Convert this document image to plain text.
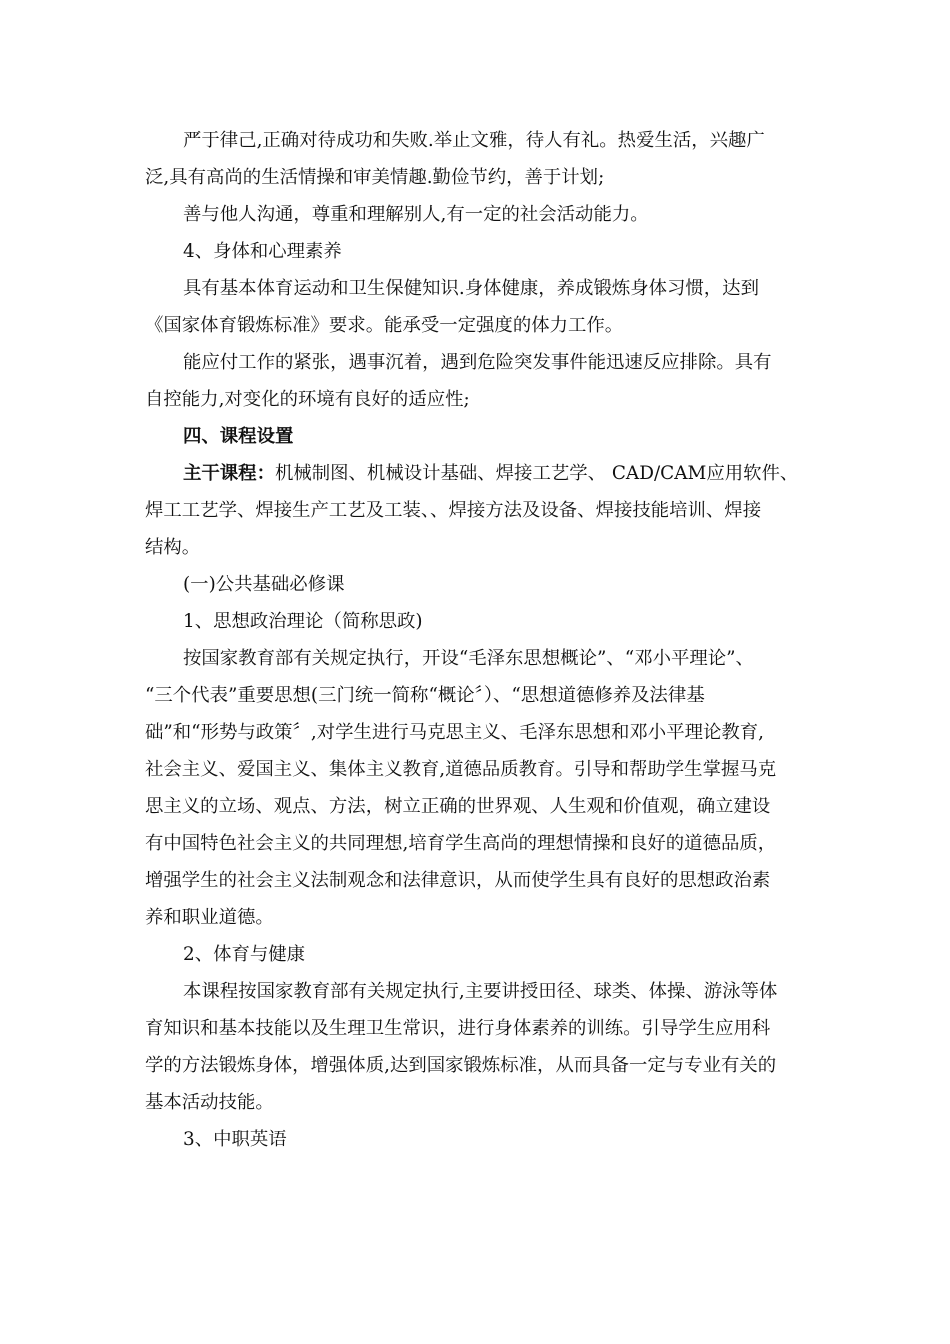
严于律己,正确对待成功和失败.举止文雅，待人有礼。热爱生活，兴趣广
泛,具有高尚的生活情操和审美情趣.勤俭节约，善于计划;
善与他人沟通，尊重和理解别人,有一定的社会活动能力。
4、身体和心理素养
具有基本体育运动和卫生保健知识.身体健康，养成锻炼身体习惯，达到
《国家体育锻炼标准》要求。能承受一定强度的体力工作。
能应付工作的紧张，遇事沉着，遇到危险突发事件能迅速反应排除。具有
自控能力,对变化的环境有良好的适应性;
四、课程设置
主干课程：机械制图、机械设计基础、焊接工艺学、 CAD/CAM应用软件、
焊工工艺学、焊接生产工艺及工装、、焊接方法及设备、焊接技能培训、焊接
结构。
(一)公共基础必修课
1、思想政治理论（简称思政)
按国家教育部有关规定执行，开设“毛泽东思想概论”、“邓小平理论”、
“三个代表”重要思想(三门统一简称“概论〞）、“思想道德修养及法律基
础”和“形势与政策〞,对学生进行马克思主义、毛泽东思想和邓小平理论教育,
社会主义、爱国主义、集体主义教育,道德品质教育。引导和帮助学生掌握马克
思主义的立场、观点、方法，树立正确的世界观、人生观和价值观，确立建设
有中国特色社会主义的共同理想,培育学生高尚的理想情操和良好的道德品质，
增强学生的社会主义法制观念和法律意识，从而使学生具有良好的思想政治素
养和职业道德。
2、体育与健康
本课程按国家教育部有关规定执行,主要讲授田径、球类、体操、游泳等体
育知识和基本技能以及生理卫生常识，进行身体素养的训练。引导学生应用科
学的方法锻炼身体，增强体质,达到国家锻炼标准，从而具备一定与专业有关的
基本活动技能。
3、中职英语
